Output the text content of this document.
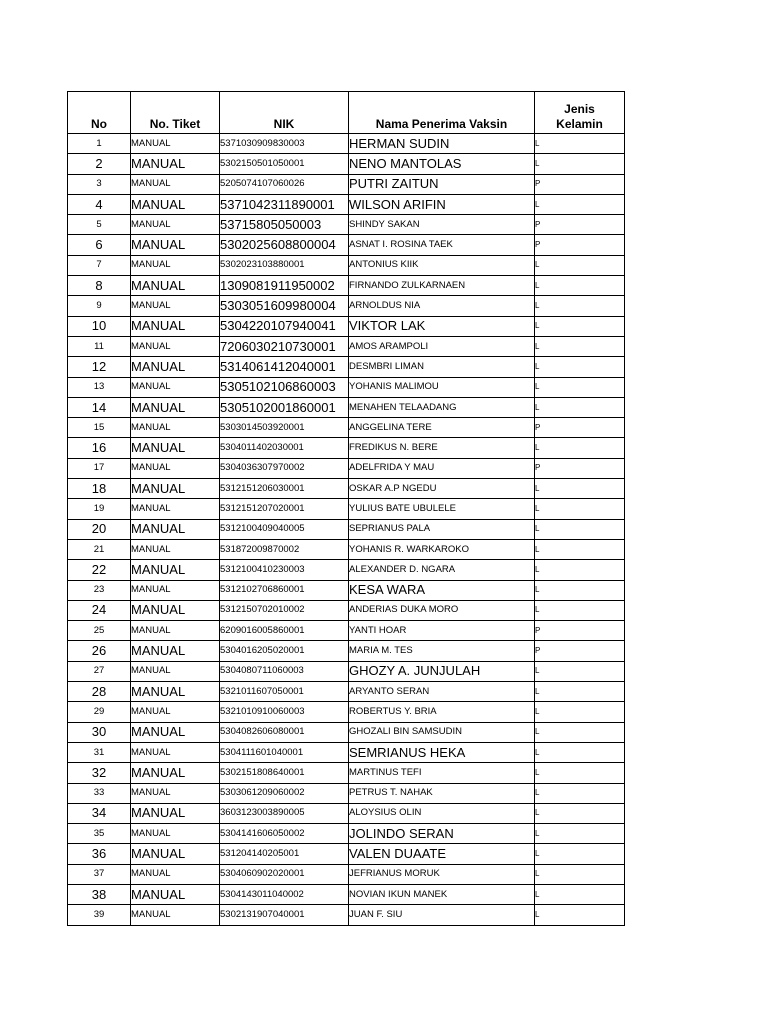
No	No. Tiket	NIK	Nama Penerima Vaksin	Jenis
Kelamin

1	MANUAL	5371030909830003	HERMAN SUDIN	L
2	MANUAL	5302150501050001	NENO MANTOLAS	L
3	MANUAL	5205074107060026	PUTRI ZAITUN	P
4	MANUAL	5371042311890001	WILSON ARIFIN	L
5	MANUAL	53715805050003	SHINDY SAKAN	P
6	MANUAL	5302025608800004	ASNAT I. ROSINA TAEK	P
7	MANUAL	5302023103880001	ANTONIUS KIIK	L
8	MANUAL	1309081911950002	FIRNANDO ZULKARNAEN	L
9	MANUAL	5303051609980004	ARNOLDUS NIA	L
10	MANUAL	5304220107940041	VIKTOR LAK	L
11	MANUAL	7206030210730001	AMOS ARAMPOLI	L
12	MANUAL	5314061412040001	DESMBRI LIMAN	L
13	MANUAL	5305102106860003	YOHANIS MALIMOU	L
14	MANUAL	5305102001860001	MENAHEN TELAADANG	L
15	MANUAL	5303014503920001	ANGGELINA TERE	P
16	MANUAL	5304011402030001	FREDIKUS N. BERE	L
17	MANUAL	5304036307970002	ADELFRIDA Y MAU	P
18	MANUAL	5312151206030001	OSKAR A.P NGEDU	L
19	MANUAL	5312151207020001	YULIUS BATE UBULELE	L
20	MANUAL	5312100409040005	SEPRIANUS PALA	L
21	MANUAL	531872009870002	YOHANIS R. WARKAROKO	L
22	MANUAL	5312100410230003	ALEXANDER D. NGARA	L
23	MANUAL	5312102706860001	KESA WARA	L
24	MANUAL	5312150702010002	ANDERIAS DUKA MORO	L
25	MANUAL	6209016005860001	YANTI HOAR	P
26	MANUAL	5304016205020001	MARIA M. TES	P
27	MANUAL	5304080711060003	GHOZY A. JUNJULAH	L
28	MANUAL	5321011607050001	ARYANTO SERAN	L
29	MANUAL	5321010910060003	ROBERTUS Y. BRIA	L
30	MANUAL	5304082606080001	GHOZALI BIN SAMSUDIN	L
31	MANUAL	5304111601040001	SEMRIANUS HEKA	L
32	MANUAL	5302151808640001	MARTINUS TEFI	L
33	MANUAL	5303061209060002	PETRUS T. NAHAK	L
34	MANUAL	3603123003890005	ALOYSIUS OLIN	L
35	MANUAL	5304141606050002	JOLINDO SERAN	L
36	MANUAL	531204140205001	VALEN DUAATE	L
37	MANUAL	5304060902020001	JEFRIANUS MORUK	L
38	MANUAL	5304143011040002	NOVIAN IKUN MANEK	L
39	MANUAL	5302131907040001	JUAN F. SIU	L
